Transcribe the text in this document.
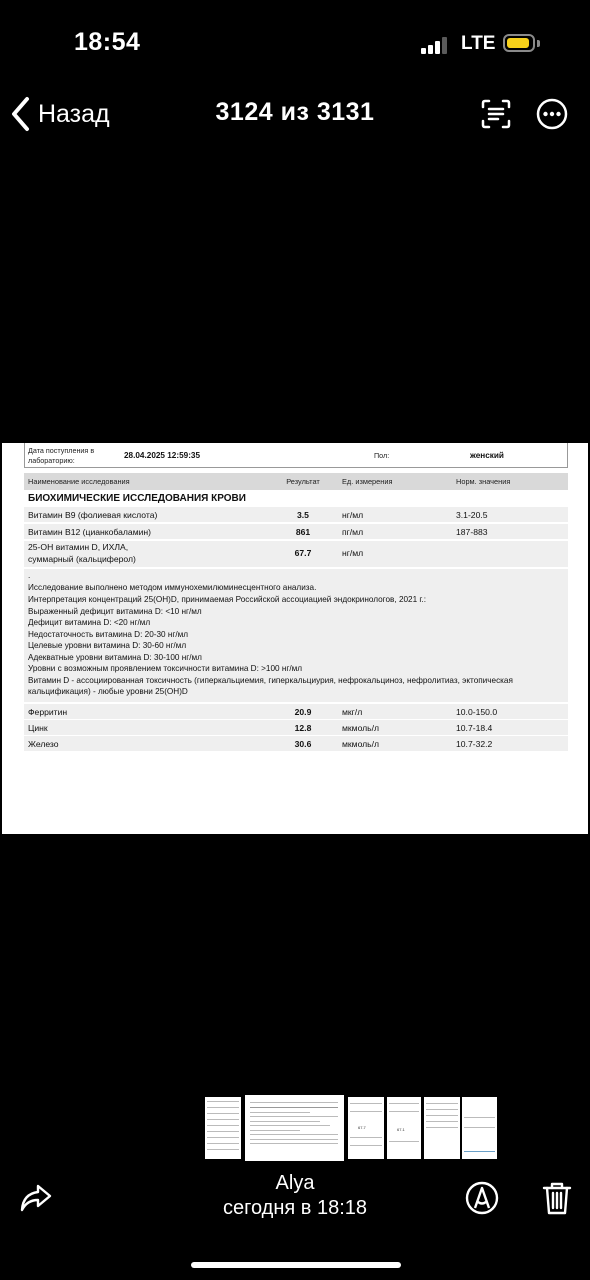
18:54	LTE
Назад	3124 из 3131
Дата поступления в лабораторию:
28.04.2025 12:59:35	Пол:	женский
Наименование исследования	Результат	Ед. измерения	Норм. значения
БИОХИМИЧЕСКИЕ ИССЛЕДОВАНИЯ КРОВИ
Витамин B9 (фолиевая кислота)	3.5	нг/мл	3.1-20.5
Витамин B12 (цианкобаламин)	861	пг/мл	187-883
25-OH витамин D, ИХЛА,
суммарный (кальциферол)
67.7	нг/мл
.
Исследование выполнено методом иммунохемилюминесцентного анализа.
Интерпретация концентраций 25(OH)D, принимаемая Российской ассоциацией эндокринологов, 2021 г.:
Выраженный дефицит витамина D: <10 нг/мл
Дефицит витамина D: <20 нг/мл
Недостаточность витамина D: 20-30 нг/мл
Целевые уровни витамина D: 30-60 нг/мл
Адекватные уровни витамина D: 30-100 нг/мл
Уровни с возможным проявлением токсичности витамина D: >100 нг/мл
Витамин D - ассоциированная токсичность (гиперкальциемия, гиперкальциурия, нефрокальциноз, нефролитиаз, эктопическая
кальцификация) - любые уровни 25(OH)D
Ферритин	20.9	мкг/л	10.0-150.0
Цинк	12.8	мкмоль/л	10.7-18.4
Железо	30.6	мкмоль/л	10.7-32.2
67.7	67.1
Alya
сегодня в 18:18
